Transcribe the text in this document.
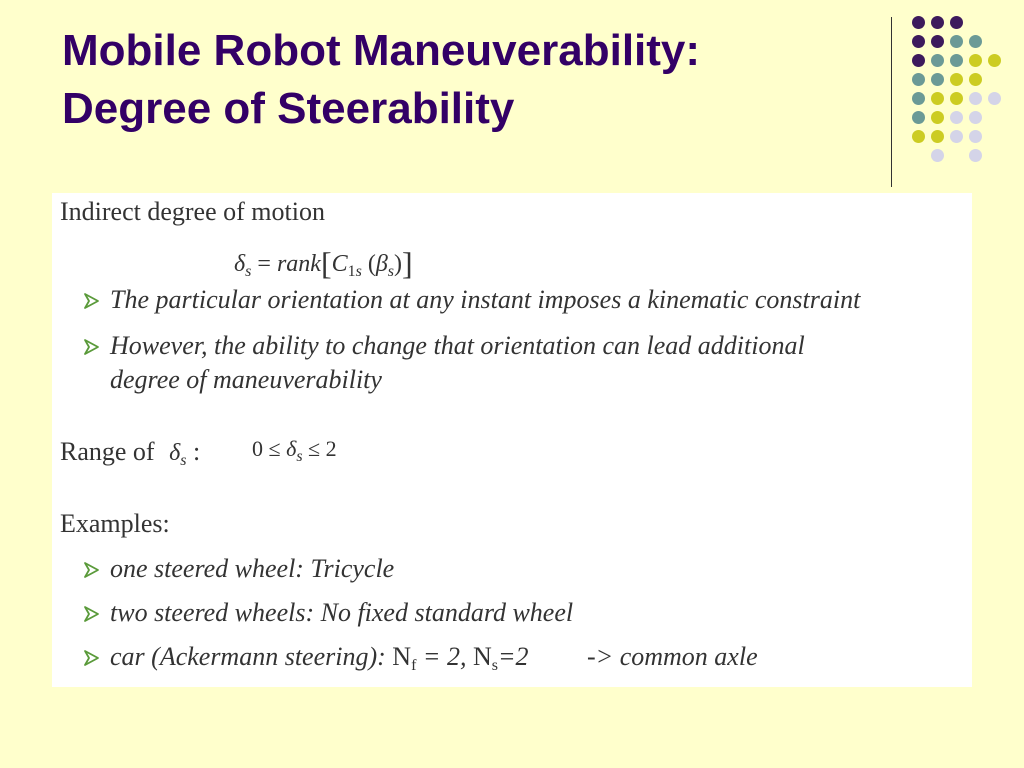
Mobile Robot Maneuverability:
Degree of Steerability
Indirect degree of motion
$\delta_s$ = $rank[C_{1s}$ $(\beta_s)$]
The particular orientation at any instant imposes a kinematic constraint
However, the ability to change that orientation can lead additional
degree of maneuverability
Range of $\delta_s$ : $0 \le \delta_s \le 2$
Examples:
one steered wheel: Tricycle
two steered wheels: No fixed standard wheel
car (Ackermann steering): $N_f = 2$, $N_s=2$ -> common axle
